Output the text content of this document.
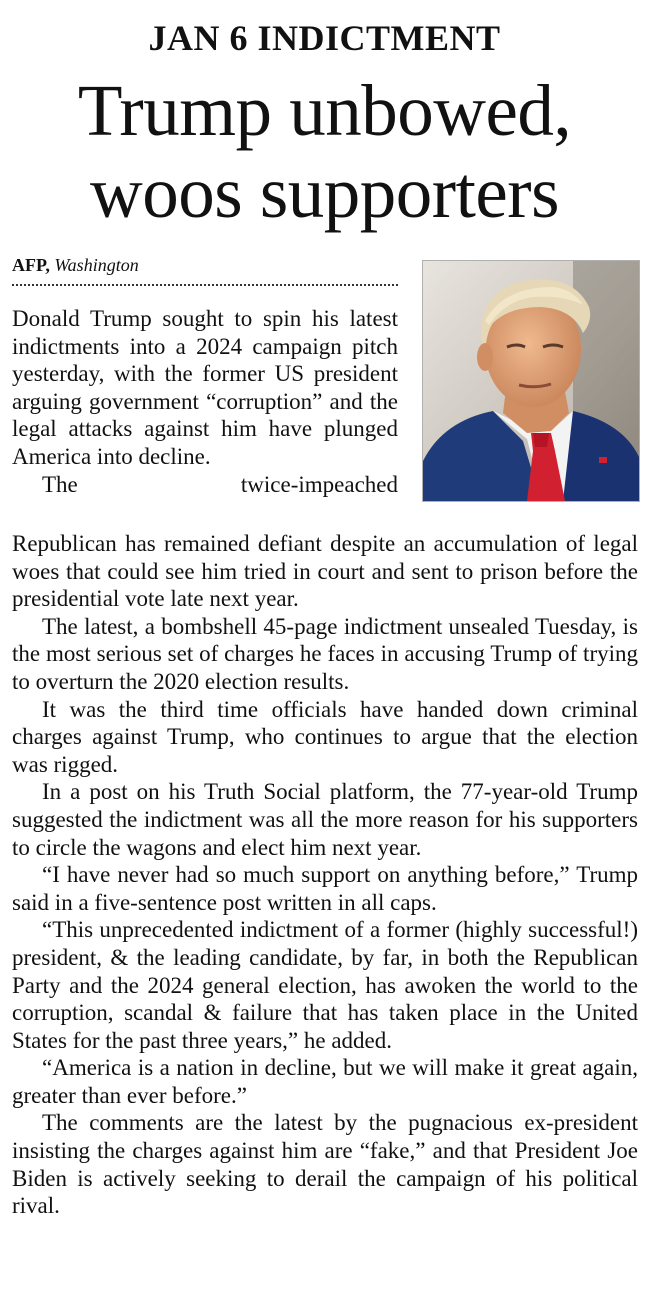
JAN 6 INDICTMENT
Trump unbowed,
woos supporters
AFP, Washington

Donald Trump sought to spin his latest indictments into a 2024 campaign pitch yesterday, with the former US president arguing government “corruption” and the legal attacks against him have plunged America into decline.

The twice-impeached

Republican has remained defiant despite an accumulation of legal woes that could see him tried in court and sent to prison before the presidential vote late next year.

The latest, a bombshell 45-page indictment unsealed Tuesday, is the most serious set of charges he faces in accusing Trump of trying to overturn the 2020 election results.

It was the third time officials have handed down criminal charges against Trump, who continues to argue that the election was rigged.

In a post on his Truth Social platform, the 77-year-old Trump suggested the indictment was all the more reason for his supporters to circle the wagons and elect him next year.

“I have never had so much support on anything before,” Trump said in a five-sentence post written in all caps.

“This unprecedented indictment of a former (highly successful!) president, & the leading candidate, by far, in both the Republican Party and the 2024 general election, has awoken the world to the corruption, scandal & failure that has taken place in the United States for the past three years,” he added.

“America is a nation in decline, but we will make it great again, greater than ever before.”

The comments are the latest by the pugnacious ex-president insisting the charges against him are “fake,” and that President Joe Biden is actively seeking to derail the campaign of his political rival.
